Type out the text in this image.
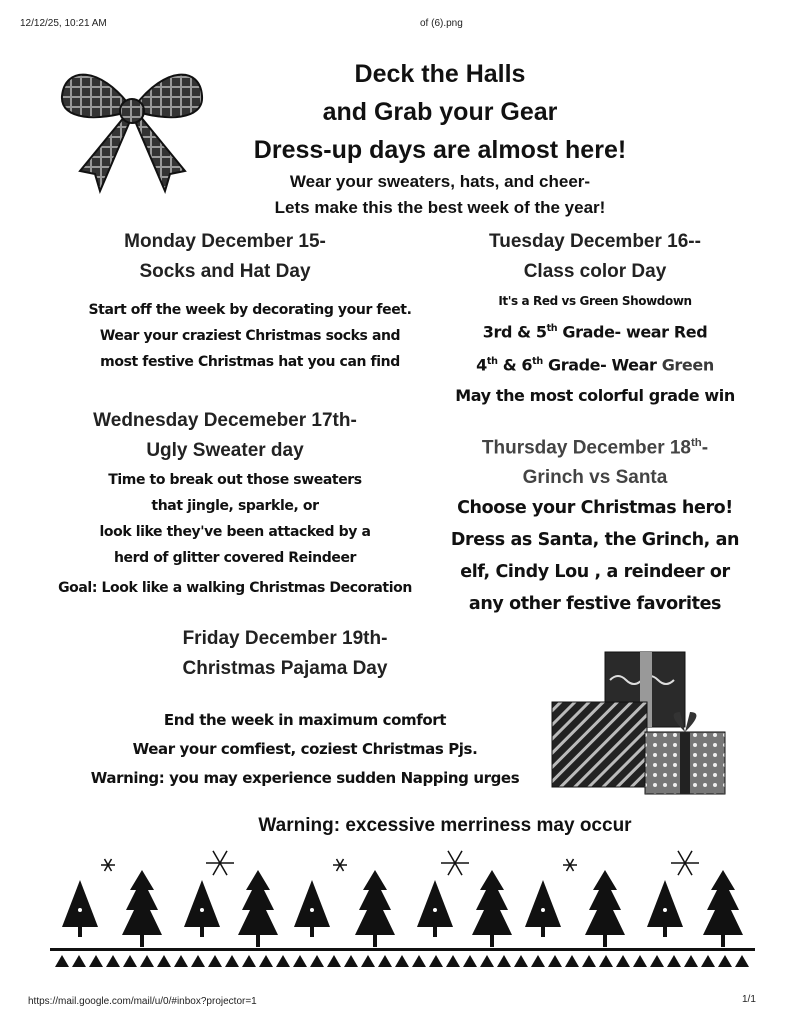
12/12/25, 10:21 AM	of (6).png
https://mail.google.com/mail/u/0/#inbox?projector=1	1/1
Deck the Halls
and Grab your Gear
Dress-up days are almost here!
Wear your sweaters, hats, and cheer-
Lets make this the best week of the year!
Monday December 15-
Socks and Hat Day
Start off the week by decorating your feet.
Wear your craziest Christmas socks and
most festive Christmas hat you can find
Tuesday December 16--
Class color Day
It's a Red vs Green Showdown
3rd & 5th Grade- wear Red
4th & 6th Grade- Wear Green
May the most colorful grade win
Wednesday Decemeber 17th-
Ugly Sweater day
Time to break out those sweaters
that jingle, sparkle, or
look like they've been attacked by a
herd of glitter covered Reindeer
Goal: Look like a walking Christmas Decoration
Thursday December 18th-
Grinch vs Santa
Choose your Christmas hero!
Dress as Santa, the Grinch, an
elf, Cindy Lou , a reindeer or
any other festive favorites
Friday December 19th-
Christmas Pajama Day
End the week in maximum comfort
Wear your comfiest, coziest Christmas Pjs.
Warning: you may experience sudden Napping urges
Warning: excessive merriness may occur
